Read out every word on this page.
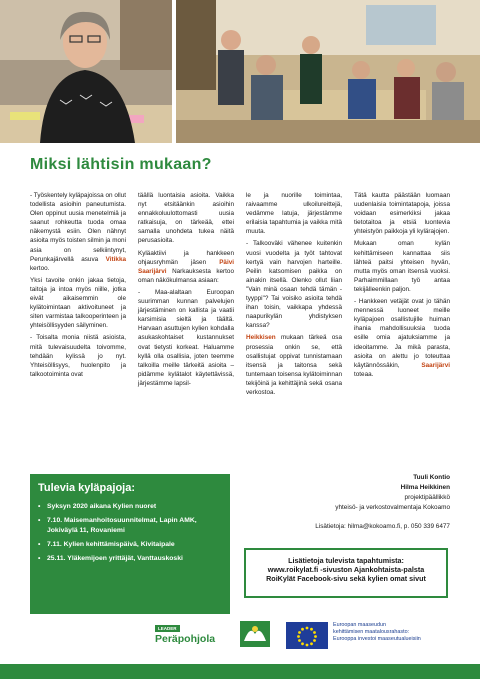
Miksi lähtisin mukaan?

- Työskentely kyläpajoissa on ollut todellista asioihin paneutumista. Olen oppinut uusia menetelmiä ja saanut rohkeutta tuoda omaa näkemystä esiin. Olen nähnyt asioita myös toisten silmin ja moni asia on selkiintynyt, Perunkajärvellä asuva Vitikka kertoo.

Yksi tavoite onkin jakaa tietoja, taitoja ja intoa myös niille, jotka eivät aikaisemmin ole kylätoimintaan aktivoituneet ja siten varmistaa talkooperinteen ja yhteisöllisyyden säilyminen.

- Toisalta monia niistä asioista, mitä tulevaisuudelta toivomme, tehdään kylissä jo nyt. Yhteisöllisyys, huolenpito ja talkootoiminta ovat

täällä luontaisia asioita. Vaikka nyt etsitäänkin asioihin ennakkoluulottomasti uusia ratkaisuja, on tärkeää, ettei samalla unohdeta tukea näitä perusasioita.

Kyläaktiivi ja hankkeen ohjausryhmän jäsen Päivi Saarijärvi Narkauksesta kertoo oman näkökulmansa asiaan:

- Maa-alaltaan Euroopan suurimman kunnan palvelujen järjestäminen on kallista ja vaatii karsimisia sieltä ja täältä. Harvaan asuttujen kylien kohdalla asukaskohtaiset kustannukset ovat tietysti korkeat. Haluamme kyllä olla osallisia, joten teemme talkoilla meille tärkeitä asioita – pidämme kylätalot käytettävissä, järjestämme lapsil-

le ja nuorille toimintaa, raivaamme ulkoilureittejä, vedämme latuja, järjestämme erilaisia tapahtumia ja vaikka mitä muuta.

- Talkooväki vähenee kuitenkin vuosi vuodelta ja työt tahtovat kertyä vain harvojen harteille. Peilin katsomisen paikka on ainakin itsellä. Olenko ollut liian "Vain minä osaan tehdä tämän -tyyppi"? Tai voisiko asioita tehdä ihan toisin, vaikkapa yhdessä naapurikylän yhdistyksen kanssa?

Heikkisen mukaan tärkeä osa prosessia onkin se, että osallistujat oppivat tunnistamaan itsensä ja taitonsa sekä tuntemaan toisensa kylätoiminnan tekijöinä ja kehittäjinä sekä osana verkostoa.

Tätä kautta päästään luomaan uudenlaisia toimintatapoja, joissa voidaan esimerkiksi jakaa tietotaitoa ja etsiä luontevia yhteistyön paikkoja yli kylärajojen.

Mukaan oman kylän kehittämiseen kannattaa siis lähteä paitsi yhteisen hyvän, mutta myös oman itsensä vuoksi. Parhaimmillaan työ antaa tekijälleenkin paljon.

- Hankkeen vetäjät ovat jo tähän mennessä luoneet meille kyläpajoen osallistujille huiman ihania mahdollisuuksia tuoda esille omia ajatuksiamme ja ideoitamme. Ja mikä parasta, asioita on alettu jo toteuttaa käytännössäkin,	Saarijärvi toteaa.

Tulevia kyläpajoja:
• Syksyn 2020 aikana Kylien nuoret
• 7.10. Maisemanhoitosuunnitelmat, Lapin AMK, Jokiväylä 11, Rovaniemi
• 7.11. Kylien kehittämispäivä, Kivitaipale
• 25.11. Yläkemijoen yrittäjät, Vanttauskoski
Tuuli Kontio
Hilma Heikkinen
projektipäällikkö
yhteisö- ja verkostovalmentaja Kokoamo
Lisätietoja: hilma@kokoamo.fi, p. 050 339 6477
Lisätietoja tulevista tapahtumista:
www.roikylat.fi -sivuston Ajankohtaista-palsta
RoiKylät Facebook-sivu sekä kylien omat sivut
LEADER
Peräpohjola
Euroopan maaseudun
kehittämisen maatalousrahasto:
Eurooppa investoi maaseutualueisiin
